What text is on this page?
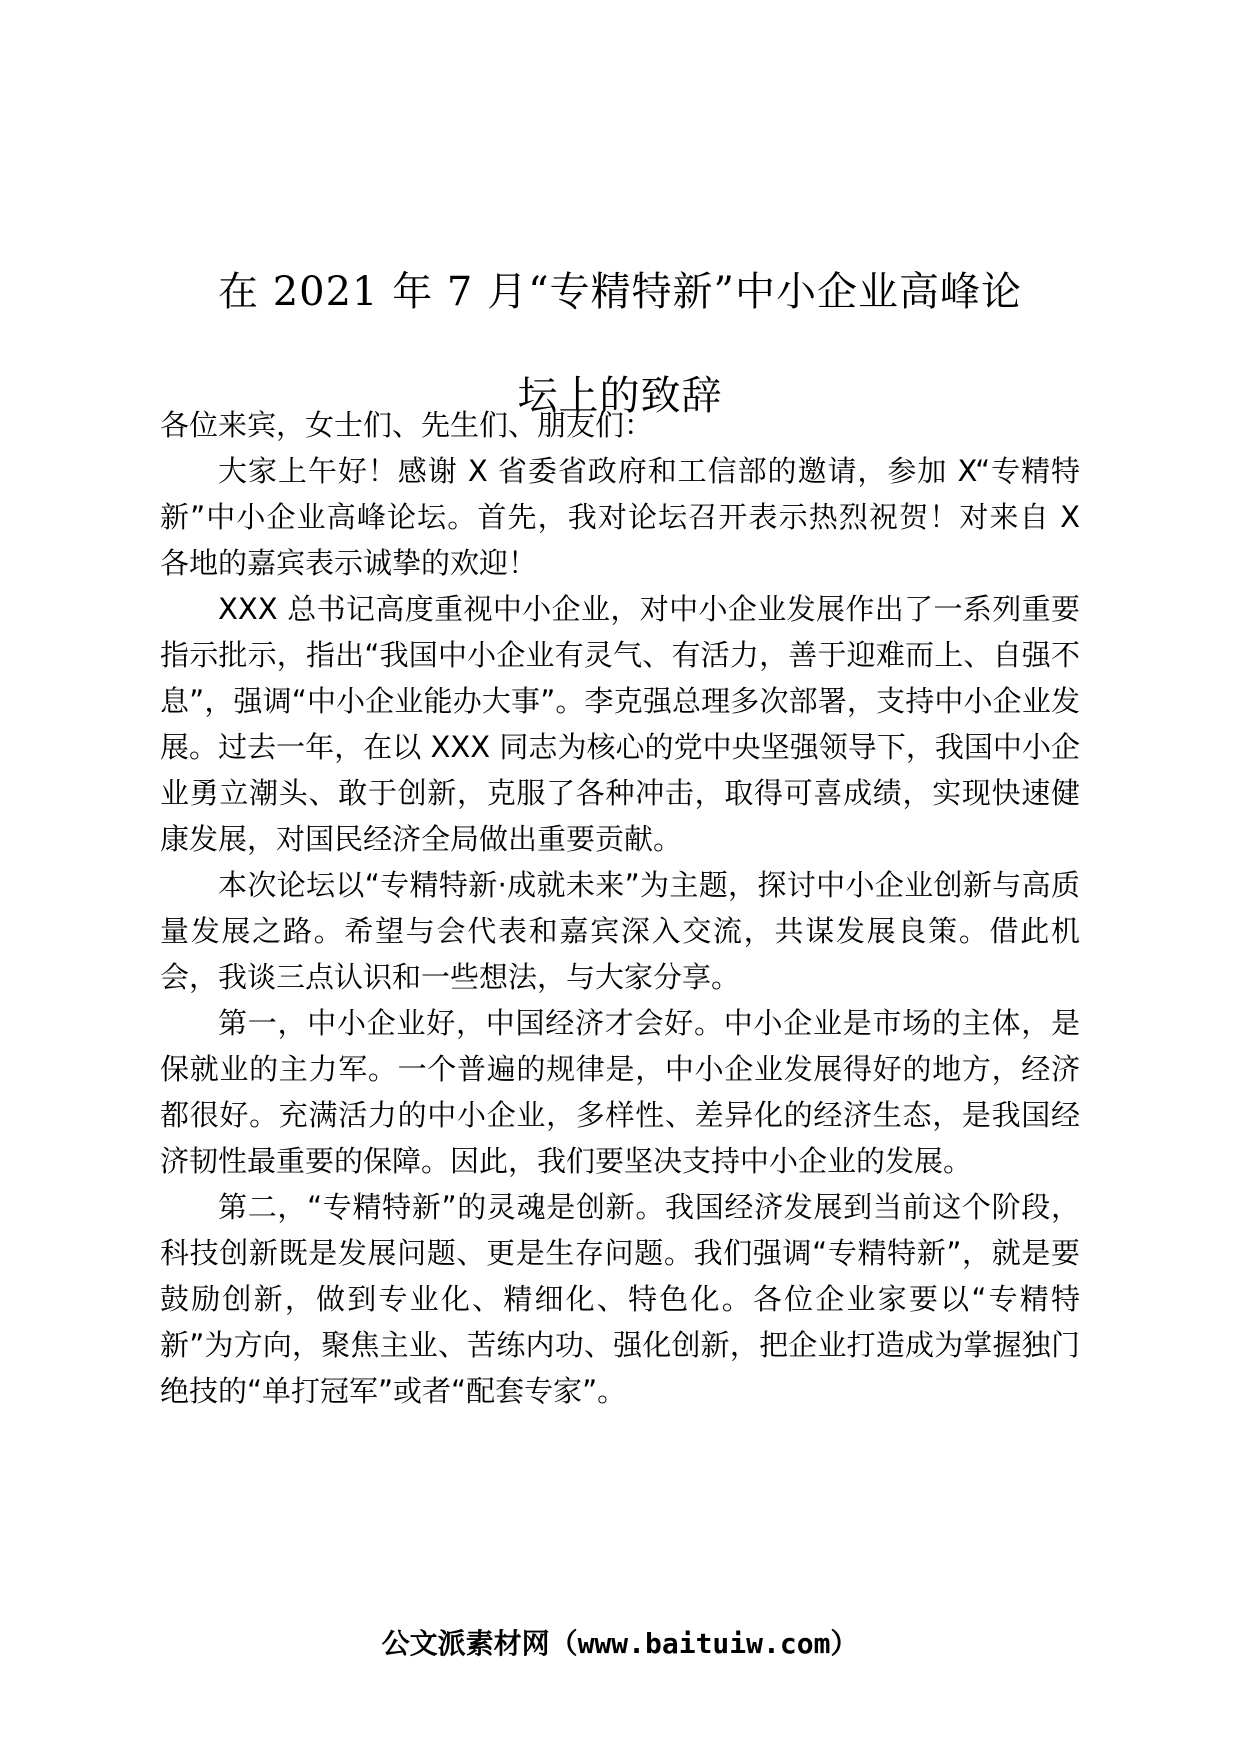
在 2021 年 7 月“专精特新”中小企业高峰论
坛上的致辞

各位来宾，女士们、先生们、朋友们：

大家上午好！感谢 X 省委省政府和工信部的邀请，参加 X“专精特新”中小企业高峰论坛。首先，我对论坛召开表示热烈祝贺！对来自 X 各地的嘉宾表示诚挚的欢迎！

XXX 总书记高度重视中小企业，对中小企业发展作出了一系列重要指示批示，指出“我国中小企业有灵气、有活力，善于迎难而上、自强不息”，强调“中小企业能办大事”。李克强总理多次部署，支持中小企业发展。过去一年，在以 XXX 同志为核心的党中央坚强领导下，我国中小企业勇立潮头、敢于创新，克服了各种冲击，取得可喜成绩，实现快速健康发展，对国民经济全局做出重要贡献。

本次论坛以“专精特新·成就未来”为主题，探讨中小企业创新与高质量发展之路。希望与会代表和嘉宾深入交流，共谋发展良策。借此机会，我谈三点认识和一些想法，与大家分享。

第一，中小企业好，中国经济才会好。中小企业是市场的主体，是保就业的主力军。一个普遍的规律是，中小企业发展得好的地方，经济都很好。充满活力的中小企业，多样性、差异化的经济生态，是我国经济韧性最重要的保障。因此，我们要坚决支持中小企业的发展。

第二，“专精特新”的灵魂是创新。我国经济发展到当前这个阶段，科技创新既是发展问题、更是生存问题。我们强调“专精特新”，就是要鼓励创新，做到专业化、精细化、特色化。各位企业家要以“专精特新”为方向，聚焦主业、苦练内功、强化创新，把企业打造成为掌握独门绝技的“单打冠军”或者“配套专家”。

公文派素材网（www.baituiw.com）
